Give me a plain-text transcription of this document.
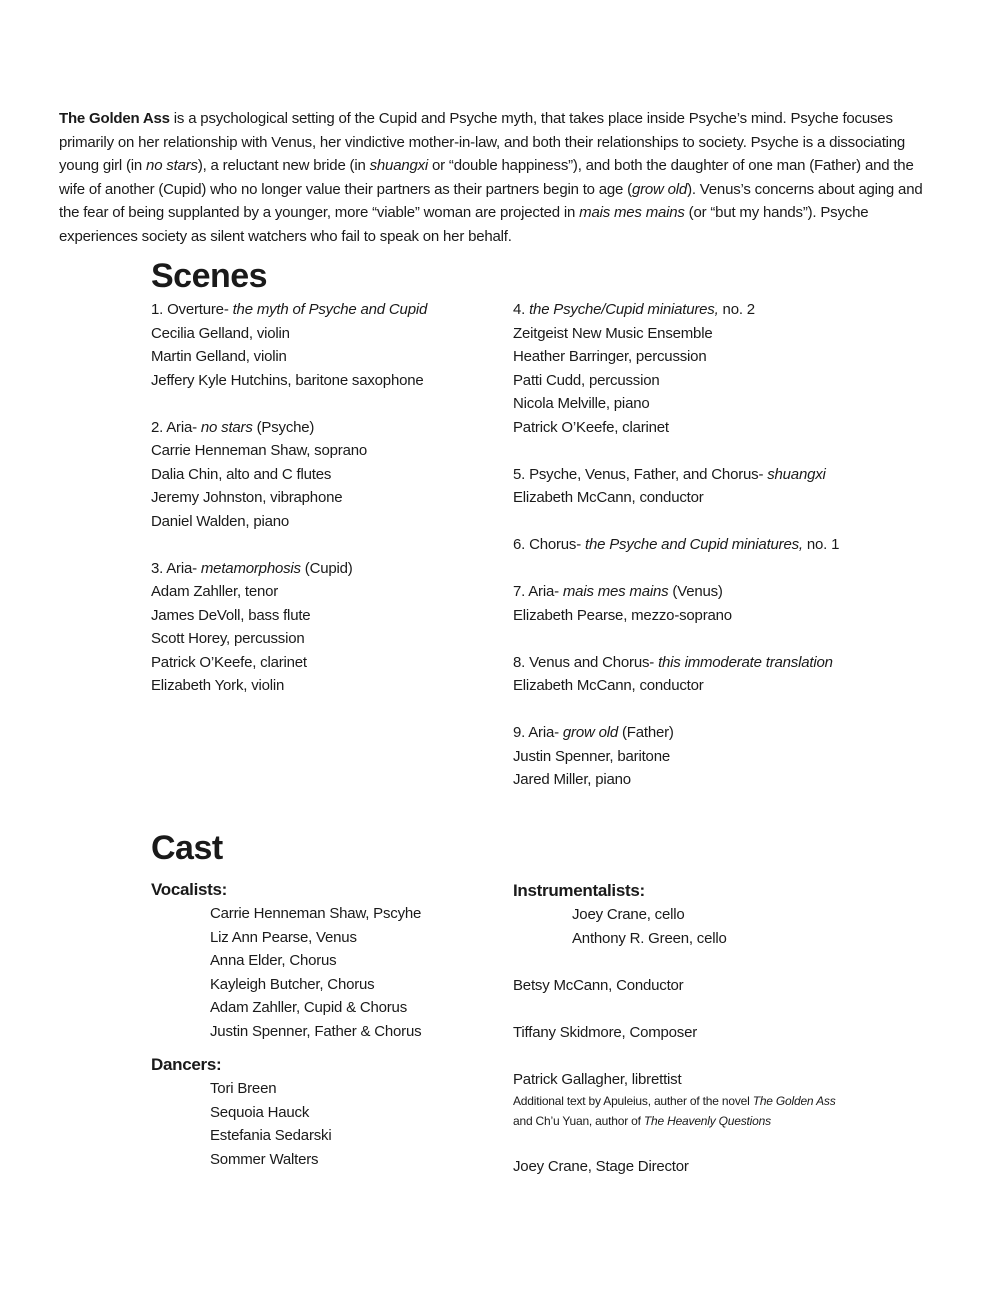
The Golden Ass is a psychological setting of the Cupid and Psyche myth, that takes place inside Psyche’s mind. Psyche focuses primarily on her relationship with Venus, her vindictive mother-in-law, and both their relationships to society. Psyche is a dissociating young girl (in no stars), a reluctant new bride (in shuangxi or “double happiness”), and both the daughter of one man (Father) and the wife of another (Cupid) who no longer value their partners as their partners begin to age (grow old). Venus’s concerns about aging and the fear of being supplanted by a younger, more “viable” woman are projected in mais mes mains (or “but my hands”). Psyche experiences society as silent watchers who fail to speak on her behalf.
Scenes
1. Overture- the myth of Psyche and Cupid
Cecilia Gelland, violin
Martin Gelland, violin
Jeffery Kyle Hutchins, baritone saxophone
2. Aria- no stars (Psyche)
Carrie Henneman Shaw, soprano
Dalia Chin, alto and C flutes
Jeremy Johnston, vibraphone
Daniel Walden, piano
3. Aria- metamorphosis (Cupid)
Adam Zahller, tenor
James DeVoll, bass flute
Scott Horey, percussion
Patrick O’Keefe, clarinet
Elizabeth York, violin
4. the Psyche/Cupid miniatures, no. 2
Zeitgeist New Music Ensemble
Heather Barringer, percussion
Patti Cudd, percussion
Nicola Melville, piano
Patrick O’Keefe, clarinet
5. Psyche, Venus, Father, and Chorus- shuangxi
Elizabeth McCann, conductor
6. Chorus- the Psyche and Cupid miniatures, no. 1
7. Aria- mais mes mains (Venus)
Elizabeth Pearse, mezzo-soprano
8. Venus and Chorus- this immoderate translation
Elizabeth McCann, conductor
9. Aria- grow old (Father)
Justin Spenner, baritone
Jared Miller, piano
Cast
Vocalists:
Carrie Henneman Shaw, Pscyhe
Liz Ann Pearse, Venus
Anna Elder, Chorus
Kayleigh Butcher, Chorus
Adam Zahller, Cupid & Chorus
Justin Spenner, Father & Chorus
Dancers:
Tori Breen
Sequoia Hauck
Estefania Sedarski
Sommer Walters
Instrumentalists:
Joey Crane, cello
Anthony R. Green, cello
Betsy McCann, Conductor
Tiffany Skidmore, Composer
Patrick Gallagher, librettist
Additional text by Apuleius, auther of the novel The Golden Ass
and Ch’u Yuan, author of The Heavenly Questions
Joey Crane, Stage Director
